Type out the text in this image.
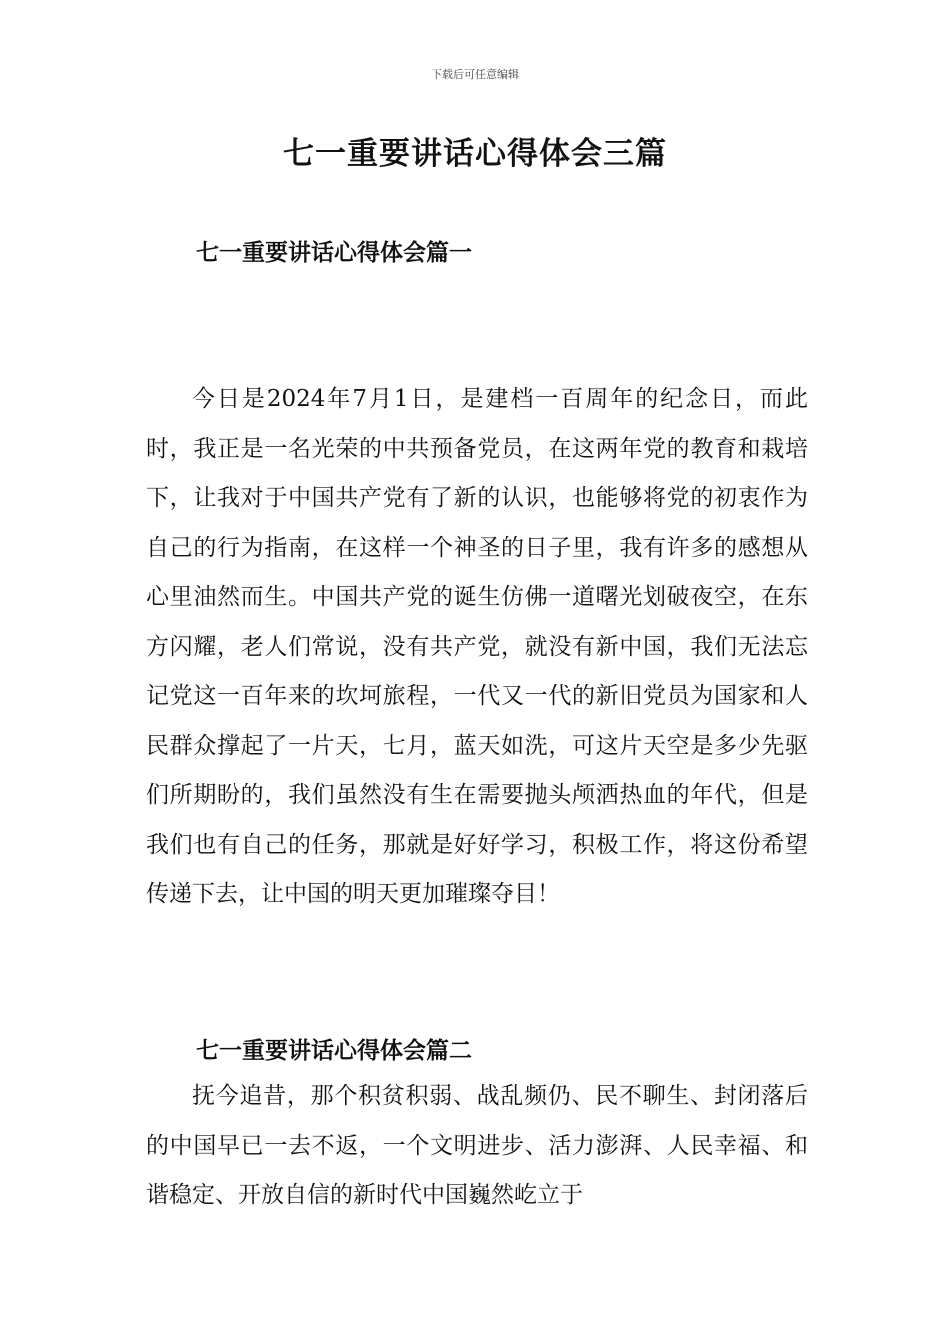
下载后可任意编辑
七一重要讲话心得体会三篇
七一重要讲话心得体会篇一

今日是2024年7月1日，是建档一百周年的纪念日，而此时，我正是一名光荣的中共预备党员，在这两年党的教育和栽培下，让我对于中国共产党有了新的认识，也能够将党的初衷作为自己的行为指南，在这样一个神圣的日子里，我有许多的感想从心里油然而生。中国共产党的诞生仿佛一道曙光划破夜空，在东方闪耀，老人们常说，没有共产党，就没有新中国，我们无法忘记党这一百年来的坎坷旅程，一代又一代的新旧党员为国家和人民群众撑起了一片天，七月，蓝天如洗，可这片天空是多少先驱们所期盼的，我们虽然没有生在需要抛头颅洒热血的年代，但是我们也有自己的任务，那就是好好学习，积极工作，将这份希望传递下去，让中国的明天更加璀璨夺目！

七一重要讲话心得体会篇二

抚今追昔，那个积贫积弱、战乱频仍、民不聊生、封闭落后的中国早已一去不返，一个文明进步、活力澎湃、人民幸福、和谐稳定、开放自信的新时代中国巍然屹立于
